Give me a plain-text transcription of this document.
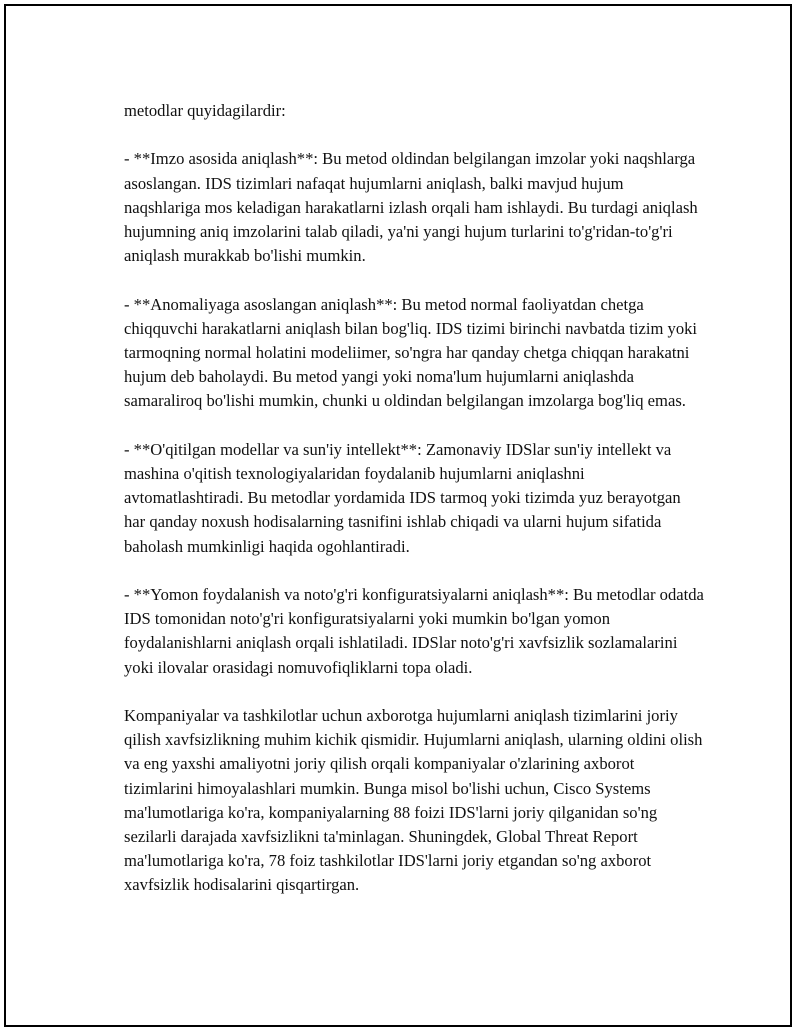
metodlar quyidagilardir:

- **Imzo asosida aniqlash**: Bu metod oldindan belgilangan imzolar yoki naqshlarga asoslangan. IDS tizimlari nafaqat hujumlarni aniqlash, balki mavjud hujum naqshlariga mos keladigan harakatlarni izlash orqali ham ishlaydi. Bu turdagi aniqlash hujumning aniq imzolarini talab qiladi, ya'ni yangi hujum turlarini to'g'ridan-to'g'ri aniqlash murakkab bo'lishi mumkin.

- **Anomaliyaga asoslangan aniqlash**: Bu metod normal faoliyatdan chetga chiqquvchi harakatlarni aniqlash bilan bog'liq. IDS tizimi birinchi navbatda tizim yoki tarmoqning normal holatini modeliimer, so'ngra har qanday chetga chiqqan harakatni hujum deb baholaydi. Bu metod yangi yoki noma'lum hujumlarni aniqlashda samaraliroq bo'lishi mumkin, chunki u oldindan belgilangan imzolarga bog'liq emas.

- **O'qitilgan modellar va sun'iy intellekt**: Zamonaviy IDSlar sun'iy intellekt va mashina o'qitish texnologiyalaridan foydalanib hujumlarni aniqlashni avtomatlashtiradi. Bu metodlar yordamida IDS tarmoq yoki tizimda yuz berayotgan har qanday noxush hodisalarning tasnifini ishlab chiqadi va ularni hujum sifatida baholash mumkinligi haqida ogohlantiradi.

- **Yomon foydalanish va noto'g'ri konfiguratsiyalarni aniqlash**: Bu metodlar odatda IDS tomonidan noto'g'ri konfiguratsiyalarni yoki mumkin bo'lgan yomon foydalanishlarni aniqlash orqali ishlatiladi. IDSlar noto'g'ri xavfsizlik sozlamalarini yoki ilovalar orasidagi nomuvofiqliklarni topa oladi.

Kompaniyalar va tashkilotlar uchun axborotga hujumlarni aniqlash tizimlarini joriy qilish xavfsizlikning muhim kichik qismidir. Hujumlarni aniqlash, ularning oldini olish va eng yaxshi amaliyotni joriy qilish orqali kompaniyalar o'zlarining axborot tizimlarini himoyalashlari mumkin. Bunga misol bo'lishi uchun, Cisco Systems ma'lumotlariga ko'ra, kompaniyalarning 88 foizi IDS'larni joriy qilganidan so'ng sezilarli darajada xavfsizlikni ta'minlagan. Shuningdek, Global Threat Report ma'lumotlariga ko'ra, 78 foiz tashkilotlar IDS'larni joriy etgandan so'ng axborot xavfsizlik hodisalarini qisqartirgan.
